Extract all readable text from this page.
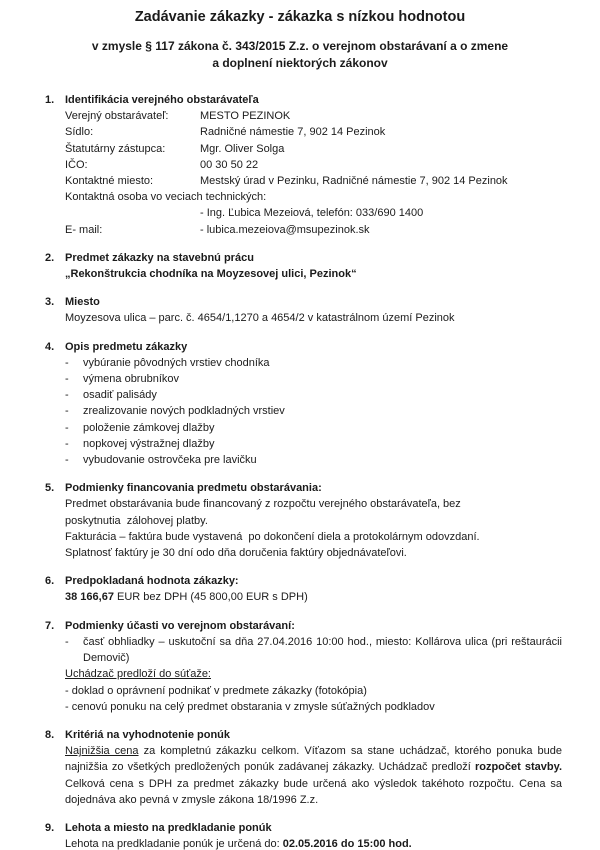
Zadávanie zákazky - zákazka s nízkou hodnotou
v zmysle § 117 zákona č. 343/2015 Z.z. o verejnom obstarávaní a o zmene
a doplnení niektorých zákonov
1. Identifikácia verejného obstarávateľa
Verejný obstarávateľ:	MESTO PEZINOK
Sídlo:	Radničné námestie 7, 902 14 Pezinok
Štatutárny zástupca:	Mgr. Oliver Solga
IČO:	00 30 50 22
Kontaktné miesto:	Mestský úrad v Pezinku, Radničné námestie 7, 902 14 Pezinok
Kontaktná osoba vo veciach technických:
- Ing. Ľubica Mezeiová, telefón: 033/690 1400
E- mail:	- lubica.mezeiova@msupezinok.sk
2. Predmet zákazky na stavebnú prácu
„Rekonštrukcia chodníka na Moyzesovej ulici, Pezinok“
3. Miesto
Moyzesova ulica – parc. č. 4654/1,1270 a 4654/2 v katastrálnom území Pezinok
4. Opis predmetu zákazky
-	vybúranie pôvodných vrstiev chodníka
-	výmena obrubníkov
-	osadiť palisády
-	zrealizovanie nových podkladných vrstiev
-	položenie zámkovej dlažby
-	nopkovej výstražnej dlažby
-	vybudovanie ostrovčeka pre lavičku
5. Podmienky financovania predmetu obstarávania:
Predmet obstarávania bude financovaný z rozpočtu verejného obstarávateľa, bez
poskytnutia  zálohovej platby.
Fakturácia – faktúra bude vystavená  po dokončení diela a protokolárnym odovzdaní.
Splatnosť faktúry je 30 dní odo dňa doručenia faktúry objednávateľovi.
6. Predpokladaná hodnota zákazky:
38 166,67 EUR bez DPH (45 800,00 EUR s DPH)
7. Podmienky účasti vo verejnom obstarávaní:
-	časť obhliadky – uskutoční sa dňa 27.04.2016 10:00 hod., miesto: Kollárova ulica (pri reštaurácii Demovič)
Uchádzač predloží do súťaže:
- doklad o oprávnení podnikať v predmete zákazky (fotokópia)
- cenovú ponuku na celý predmet obstarania v zmysle súťažných podkladov
8. Kritériá na vyhodnotenie ponúk
Najnižšia cena za kompletnú zákazku celkom. Víťazom sa stane uchádzač, ktorého ponuka bude najnižšia zo všetkých predložených ponúk zadávanej zákazky. Uchádzač predloží rozpočet stavby. Celková cena s DPH za predmet zákazky bude určená ako výsledok takéhoto rozpočtu. Cena sa dojednáva ako pevná v zmysle zákona 18/1996 Z.z.
9. Lehota a miesto na predkladanie ponúk
Lehota na predkladanie ponúk je určená do: 02.05.2016 do 15:00 hod.
